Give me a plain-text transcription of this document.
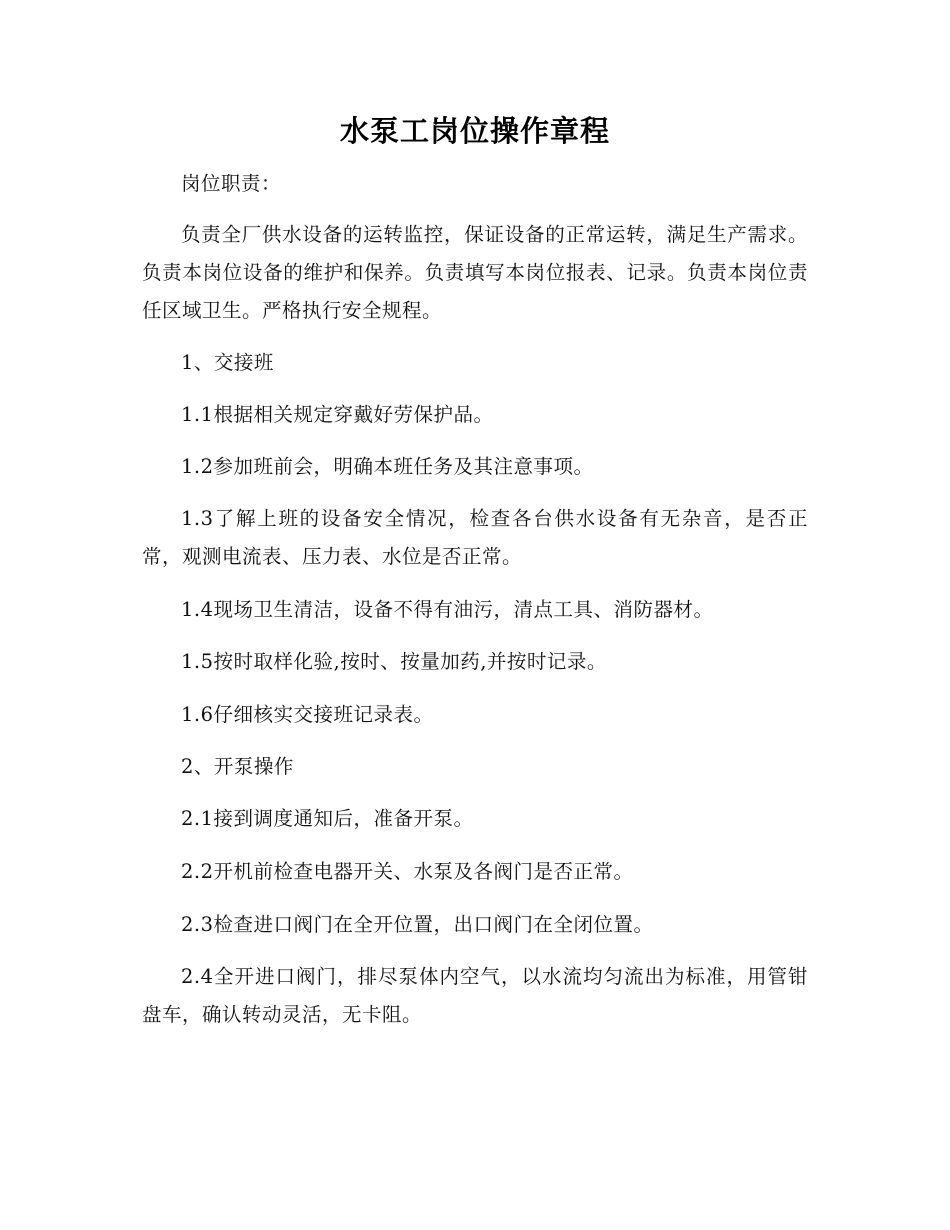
水泵工岗位操作章程
岗位职责：
负责全厂供水设备的运转监控，保证设备的正常运转，满足生产需求。负责本岗位设备的维护和保养。负责填写本岗位报表、记录。负责本岗位责任区域卫生。严格执行安全规程。
1、交接班
1.1根据相关规定穿戴好劳保护品。
1.2参加班前会，明确本班任务及其注意事项。
1.3了解上班的设备安全情况，检查各台供水设备有无杂音，是否正常，观测电流表、压力表、水位是否正常。
1.4现场卫生清洁，设备不得有油污，清点工具、消防器材。
1.5按时取样化验,按时、按量加药,并按时记录。
1.6仔细核实交接班记录表。
2、开泵操作
2.1接到调度通知后，准备开泵。
2.2开机前检查电器开关、水泵及各阀门是否正常。
2.3检查进口阀门在全开位置，出口阀门在全闭位置。
2.4全开进口阀门，排尽泵体内空气，以水流均匀流出为标准，用管钳盘车，确认转动灵活，无卡阻。
